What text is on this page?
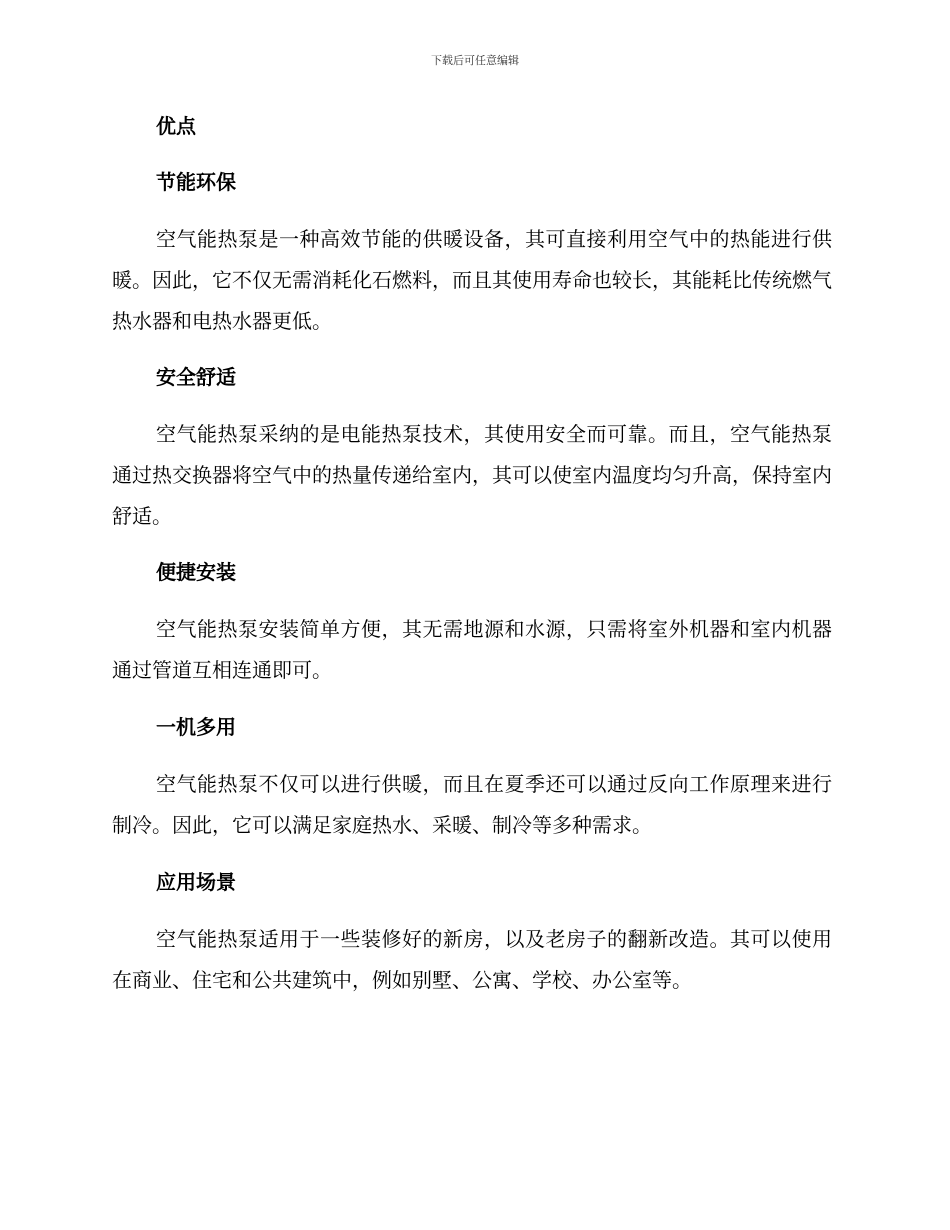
下载后可任意编辑
优点
节能环保

空气能热泵是一种高效节能的供暖设备，其可直接利用空气中的热能进行供暖。因此，它不仅无需消耗化石燃料，而且其使用寿命也较长，其能耗比传统燃气热水器和电热水器更低。

安全舒适

空气能热泵采纳的是电能热泵技术，其使用安全而可靠。而且，空气能热泵通过热交换器将空气中的热量传递给室内，其可以使室内温度均匀升高，保持室内舒适。

便捷安装

空气能热泵安装简单方便，其无需地源和水源，只需将室外机器和室内机器通过管道互相连通即可。

一机多用

空气能热泵不仅可以进行供暖，而且在夏季还可以通过反向工作原理来进行制冷。因此，它可以满足家庭热水、采暖、制冷等多种需求。

应用场景

空气能热泵适用于一些装修好的新房，以及老房子的翻新改造。其可以使用在商业、住宅和公共建筑中，例如别墅、公寓、学校、办公室等。
